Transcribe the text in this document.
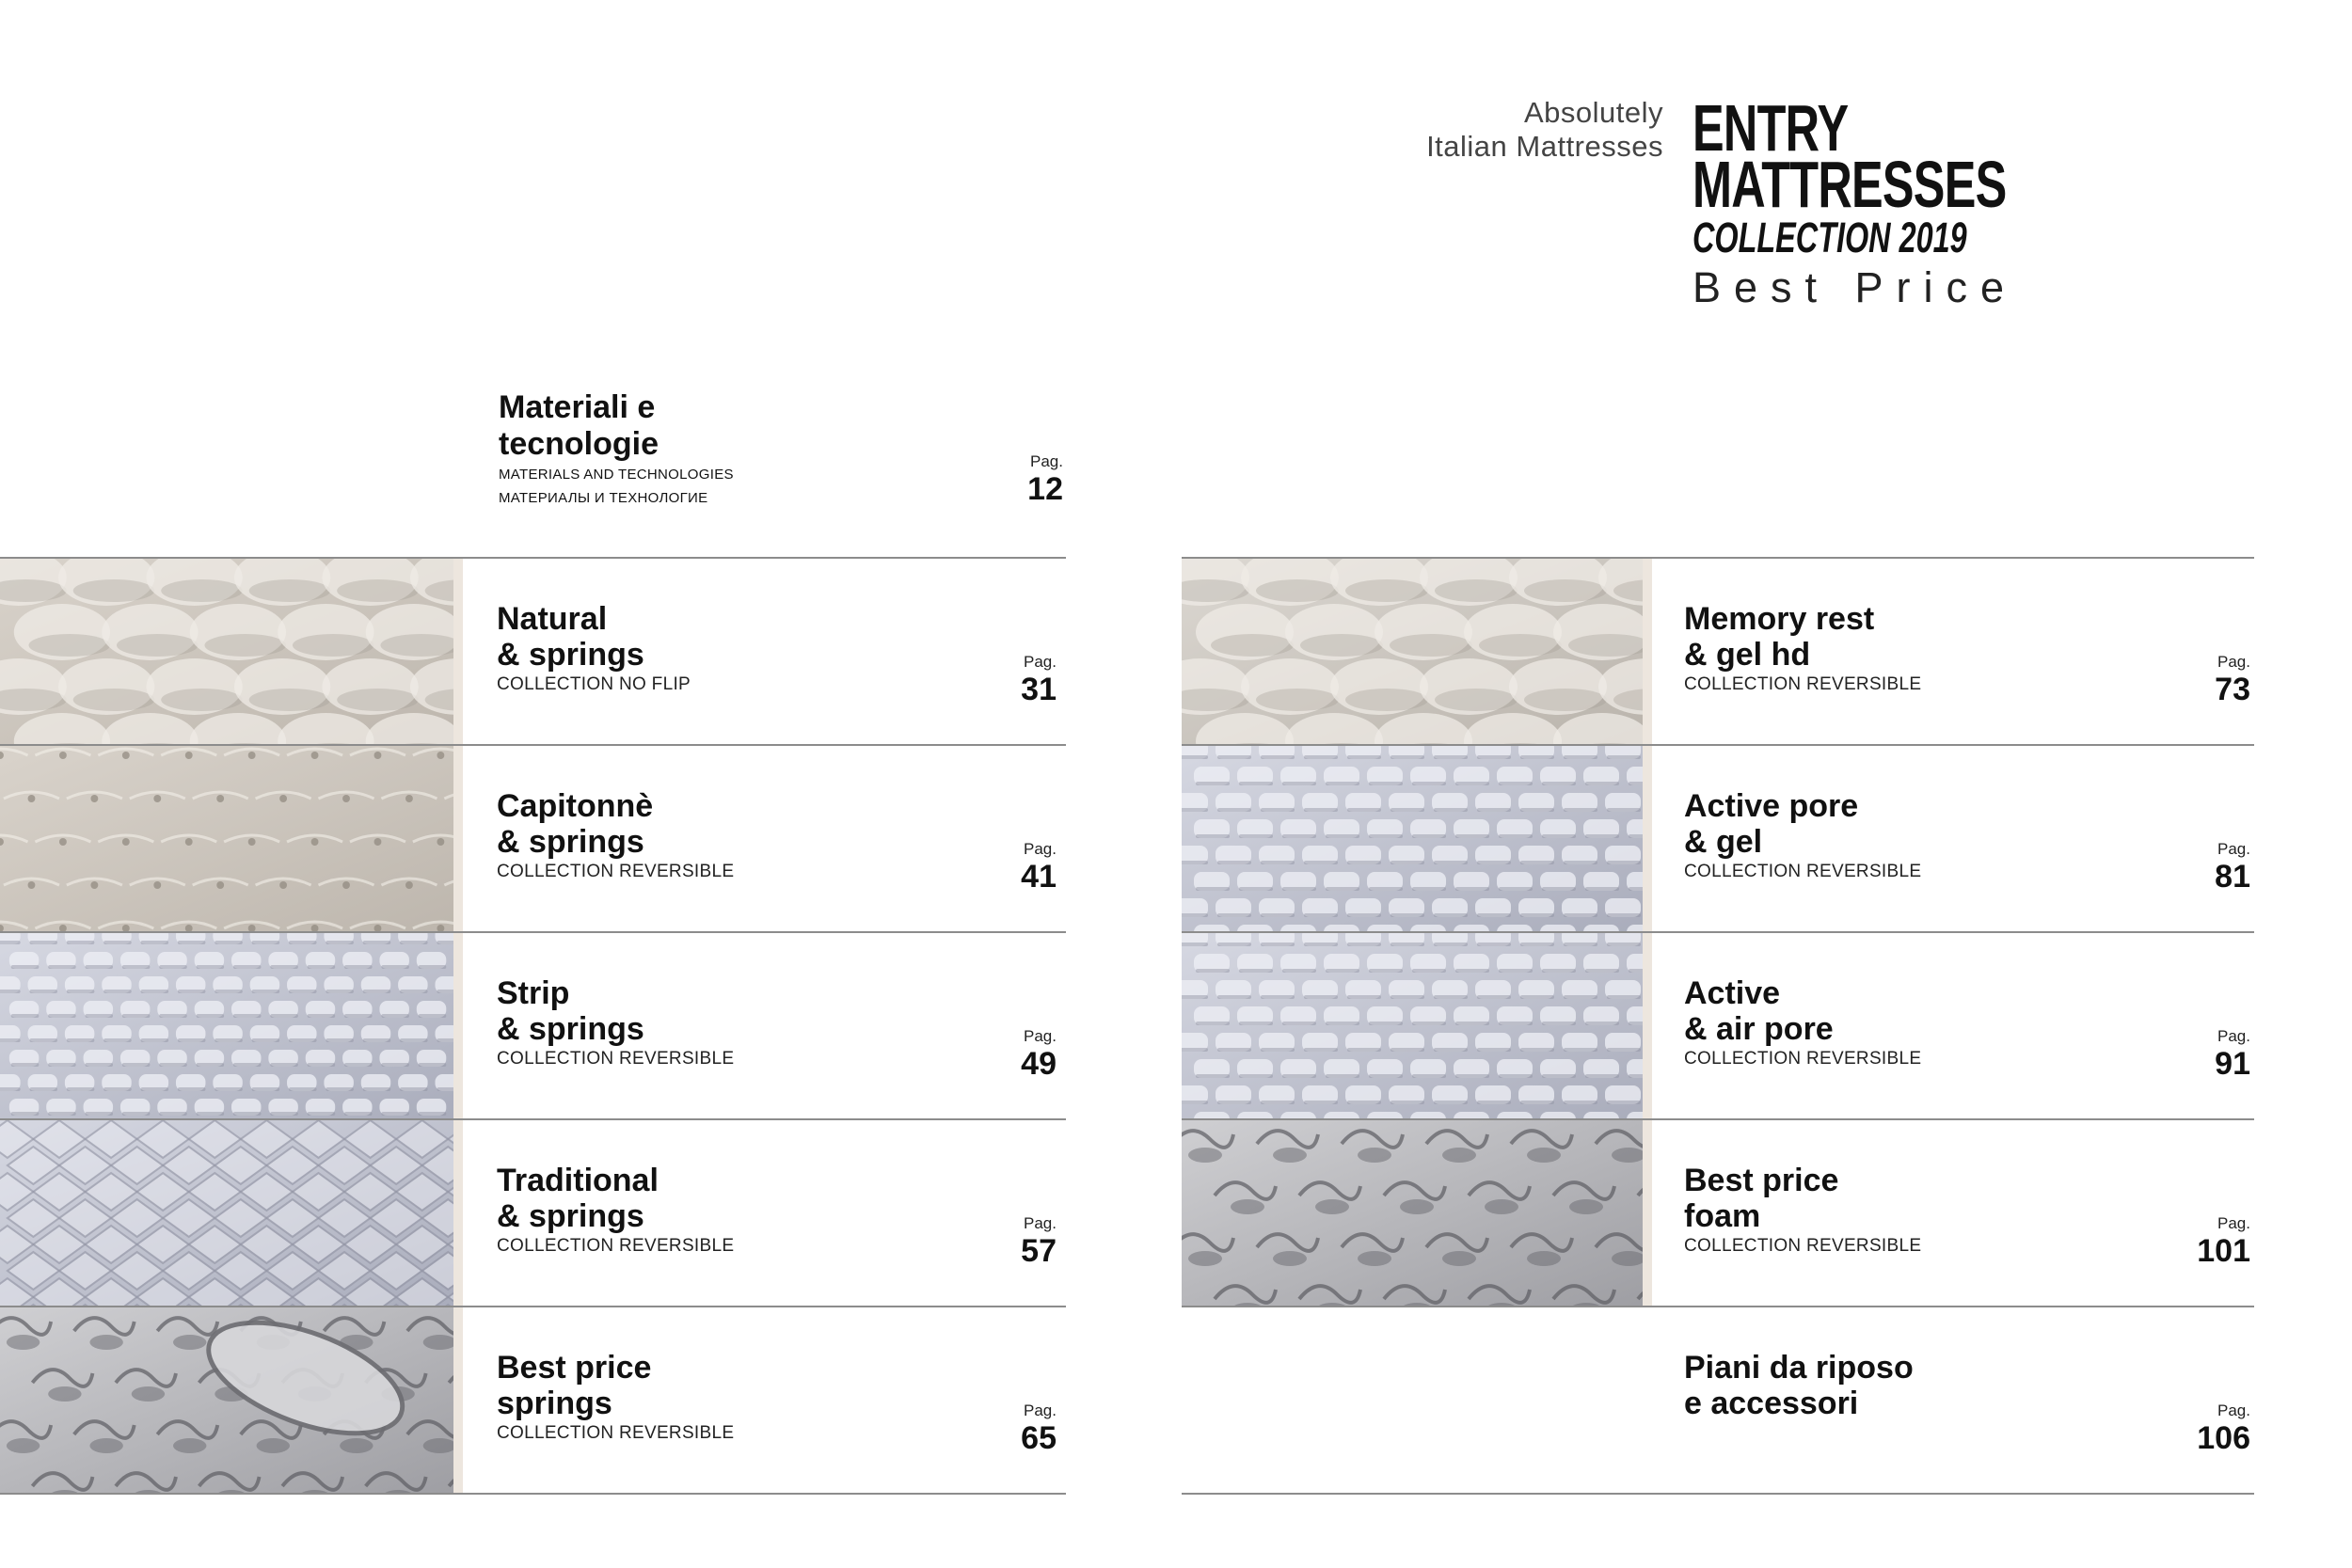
Absolutely
Italian Mattresses ENTRY
MATTRESSES
COLLECTION 2019
Best Price
Materiali e
tecnologie
MATERIALS AND TECHNOLOGIES
МАТЕРИАЛЫ И ТЕХНОЛОГИЕ
Pag.
12
Natural
& springs
COLLECTION NO FLIP
Pag.
31
Capitonnè
& springs
COLLECTION REVERSIBLE
Pag.
41
Strip
& springs
COLLECTION REVERSIBLE
Pag.
49
Traditional
& springs
COLLECTION REVERSIBLE
Pag.
57
Best price
springs
COLLECTION REVERSIBLE
Pag.
65
Memory rest
& gel hd
COLLECTION REVERSIBLE
Pag.
73
Active pore
& gel
COLLECTION REVERSIBLE
Pag.
81
Active
& air pore
COLLECTION REVERSIBLE
Pag.
91
Best price
foam
COLLECTION REVERSIBLE
Pag.
101
Piani da riposo
e accessori	Pag.
106
